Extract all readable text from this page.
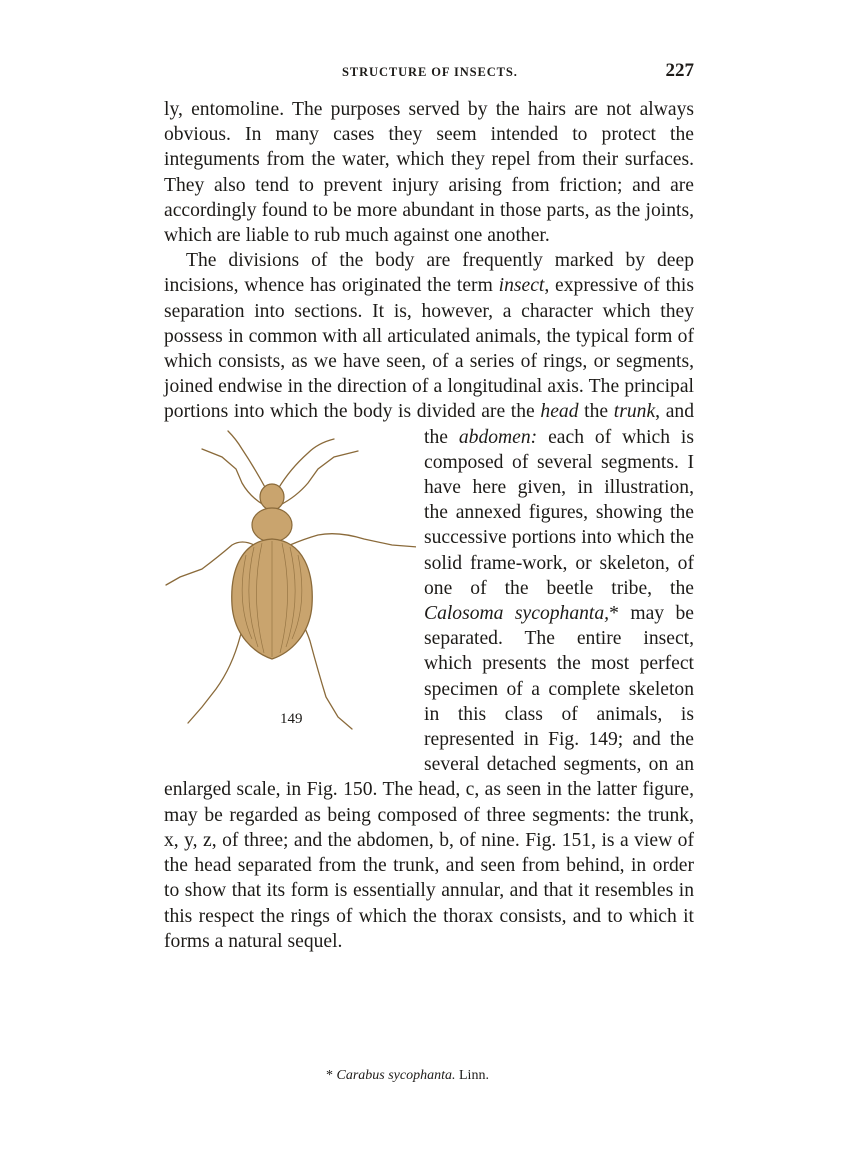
STRUCTURE OF INSECTS.	227

ly, entomoline. The purposes served by the hairs are not always obvious. In many cases they seem intended to protect the integuments from the water, which they repel from their surfaces. They also tend to prevent injury arising from friction; and are accordingly found to be more abundant in those parts, as the joints, which are liable to rub much against one another.

The divisions of the body are frequently marked by deep incisions, whence has originated the term insect, expressive of this separation into sections. It is, however, a character which they possess in common with all articulated animals, the typical form of which consists, as we have seen, of a series of rings, or segments, joined endwise in the direction of a longitudinal axis. The principal portions into which the body is divided are the
149
head the trunk, and the abdomen: each of which is composed of several segments. I have here given, in illustration, the annexed figures, showing the successive portions into which the solid frame-work, or skeleton, of one of the beetle tribe, the Calosoma sycophanta,* may be separated. The entire insect, which presents the most perfect specimen of a complete skeleton in this class of animals, is represented in Fig. 149; and the several detached segments, on an enlarged scale, in Fig. 150. The head, c, as seen in the latter figure, may be regarded as being composed of three segments: the trunk, x, y, z, of three; and the abdomen, b, of nine. Fig. 151, is a view of the head separated from the trunk, and seen from behind, in order to show that its form is essentially annular, and that it resembles in this respect the rings of which the thorax consists, and to which it forms a natural sequel.

* Carabus sycophanta. Linn.
